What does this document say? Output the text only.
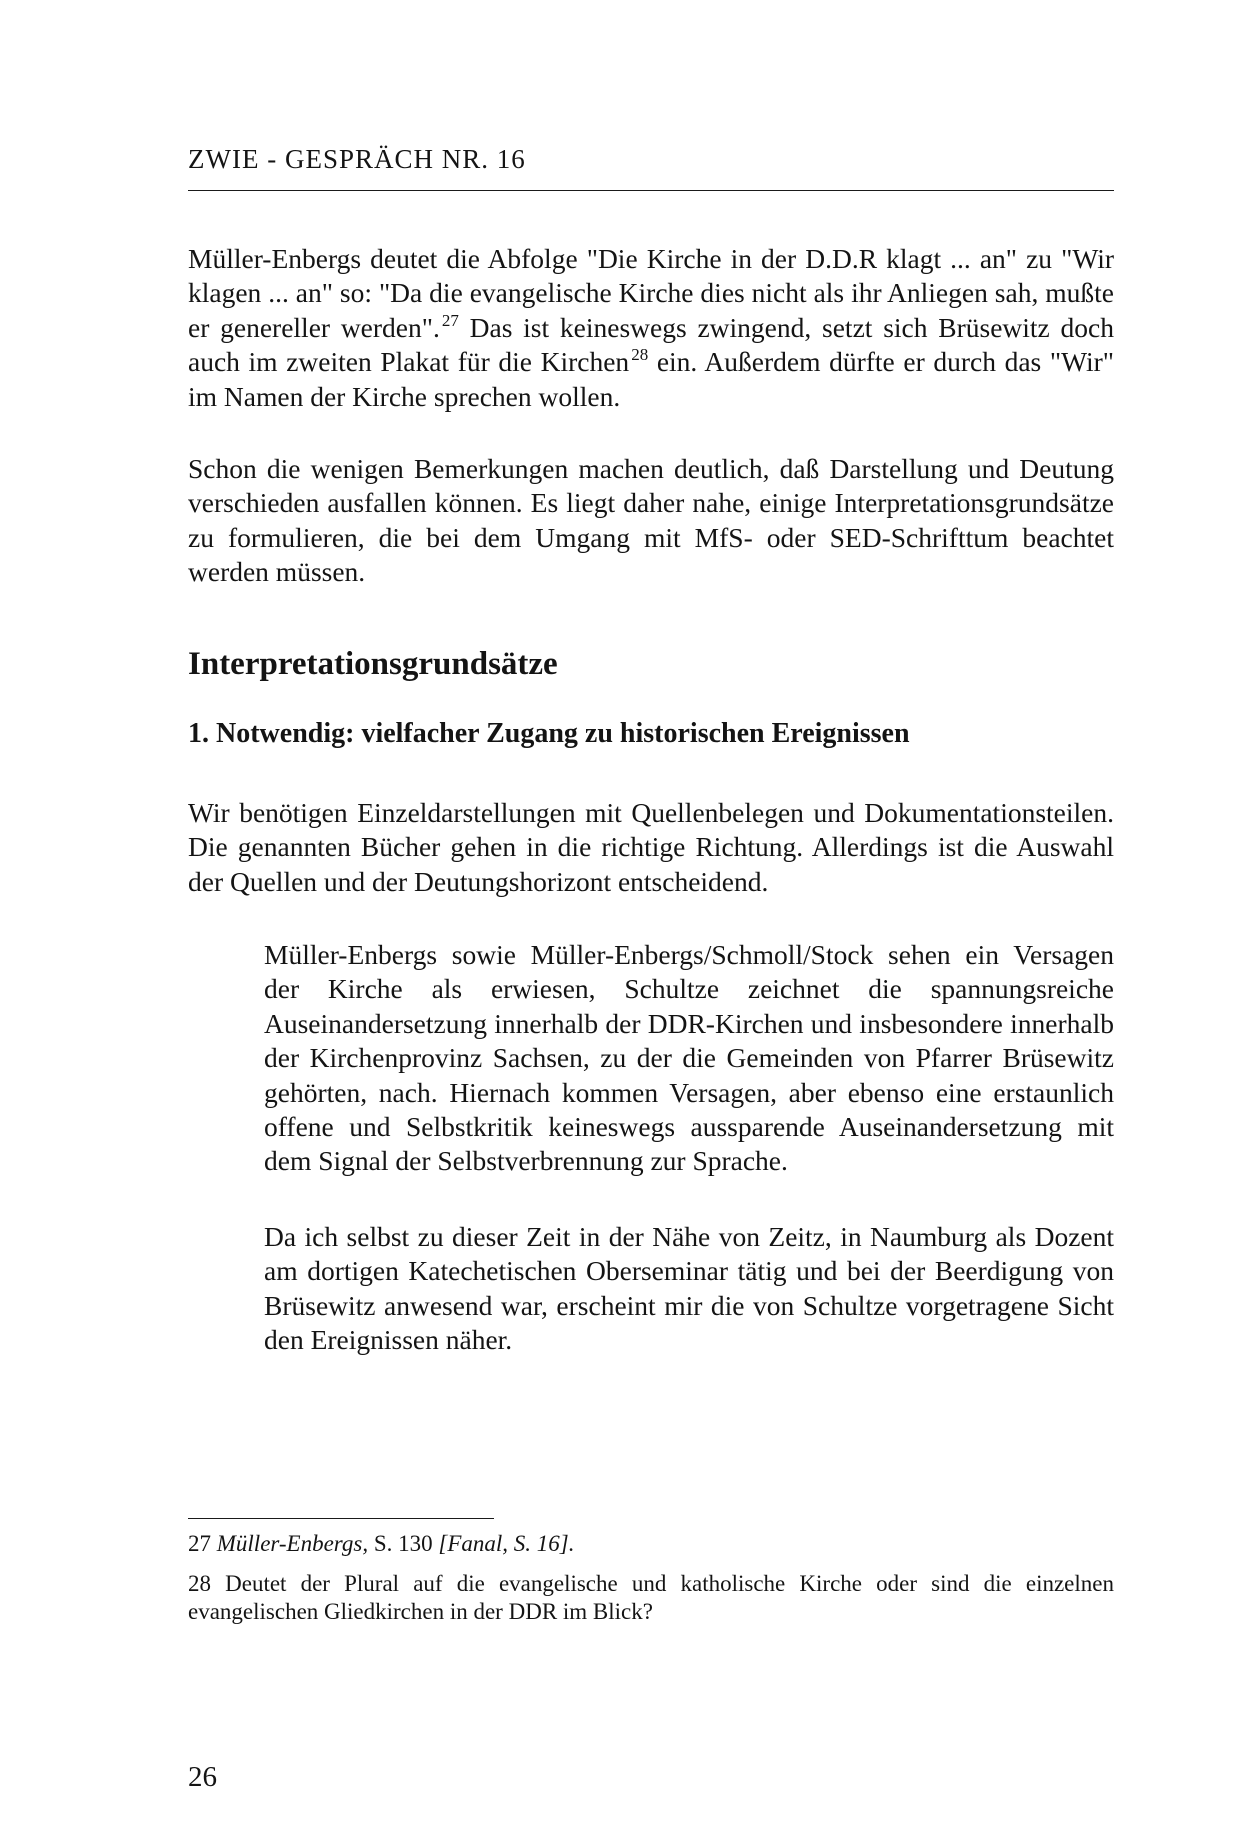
ZWIE - GESPRÄCH NR. 16

Müller-Enbergs deutet die Abfolge "Die Kirche in der D.D.R klagt ... an" zu "Wir klagen ... an" so: "Da die evangelische Kirche dies nicht als ihr Anliegen sah, mußte er genereller werden". $^{27}$ Das ist keineswegs zwingend, setzt sich Brüsewitz doch auch im zweiten Plakat für die Kirchen $^{28}$ ein. Außerdem dürfte er durch das "Wir" im Namen der Kirche sprechen wollen.

Schon die wenigen Bemerkungen machen deutlich, daß Darstellung und Deutung verschieden ausfallen können. Es liegt daher nahe, einige Interpretationsgrundsätze zu formulieren, die bei dem Umgang mit MfS- oder SED-Schrifttum beachtet werden müssen.

Interpretationsgrundsätze
1. Notwendig: vielfacher Zugang zu historischen Ereignissen

Wir benötigen Einzeldarstellungen mit Quellenbelegen und Dokumentationsteilen. Die genannten Bücher gehen in die richtige Richtung. Allerdings ist die Auswahl der Quellen und der Deutungshorizont entscheidend.

Müller-Enbergs sowie Müller-Enbergs/Schmoll/Stock sehen ein Versagen der Kirche als erwiesen, Schultze zeichnet die spannungsreiche Auseinandersetzung innerhalb der DDR-Kirchen und insbesondere innerhalb der Kirchenprovinz Sachsen, zu der die Gemeinden von Pfarrer Brüsewitz gehörten, nach. Hiernach kommen Versagen, aber ebenso eine erstaunlich offene und Selbstkritik keineswegs aussparende Auseinandersetzung mit dem Signal der Selbstverbrennung zur Sprache.

Da ich selbst zu dieser Zeit in der Nähe von Zeitz, in Naumburg als Dozent am dortigen Katechetischen Oberseminar tätig und bei der Beerdigung von Brüsewitz anwesend war, erscheint mir die von Schultze vorgetragene Sicht den Ereignissen näher.

27 Müller-Enbergs, S. 130 [Fanal, S. 16].

28 Deutet der Plural auf die evangelische und katholische Kirche oder sind die einzelnen evangelischen Gliedkirchen in der DDR im Blick?

26
